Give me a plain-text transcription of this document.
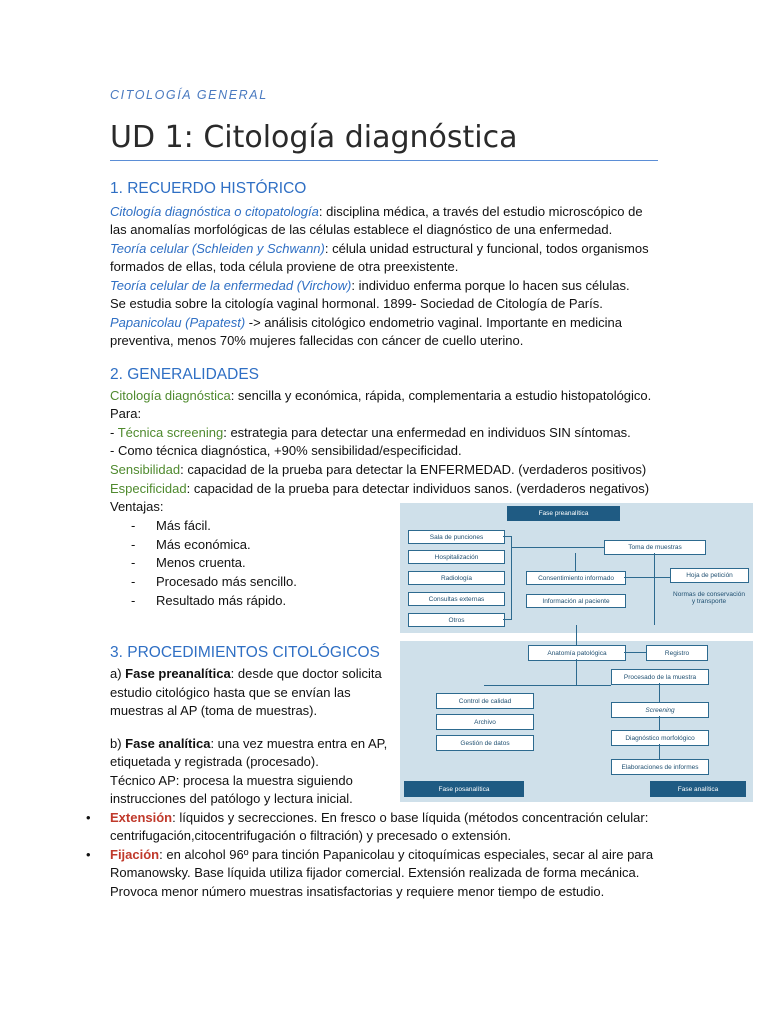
CITOLOGÍA GENERAL
UD 1: Citología diagnóstica
1. RECUERDO HISTÓRICO
Citología diagnóstica o citopatología: disciplina médica, a través del estudio microscópico de
las anomalías morfológicas de las células establece el diagnóstico de una enfermedad.
Teoría celular (Schleiden y Schwann): célula unidad estructural y funcional, todos organismos
formados de ellas, toda célula proviene de otra preexistente.
Teoría celular de la enfermedad (Virchow): individuo enferma porque lo hacen sus células.
Se estudia sobre la citología vaginal hormonal. 1899- Sociedad de Citología de París.
Papanicolau (Papatest) -> análisis citológico endometrio vaginal. Importante en medicina
preventiva, menos 70% mujeres fallecidas con cáncer de cuello uterino.
2. GENERALIDADES
Citología diagnóstica: sencilla y económica, rápida, complementaria a estudio histopatológico.
Para:
- Técnica screening: estrategia para detectar una enfermedad en individuos SIN síntomas.
- Como técnica diagnóstica, +90% sensibilidad/especificidad.
Sensibilidad: capacidad de la prueba para detectar la ENFERMEDAD. (verdaderos positivos)
Especificidad: capacidad de la prueba para detectar individuos sanos. (verdaderos negativos)
Ventajas:
- Más fácil.
- Más económica.
- Menos cruenta.
- Procesado más sencillo.
- Resultado más rápido.
3. PROCEDIMIENTOS CITOLÓGICOS
a) Fase preanalítica: desde que doctor solicita
estudio citológico hasta que se envían las
muestras al AP (toma de muestras).
b) Fase analítica: una vez muestra entra en AP,
etiquetada y registrada (procesado).
Técnico AP: procesa la muestra siguiendo
instrucciones del patólogo y lectura inicial.
• Extensión: líquidos y secrecciones. En fresco o base líquida (métodos concentración celular:
centrifugación,citocentrifugación o filtración) y precesado o extensión.
• Fijación: en alcohol 96º para tinción Papanicolau y citoquímicas especiales, secar al aire para
Romanowsky. Base líquida utiliza fijador comercial. Extensión realizada de forma mecánica.
Provoca menor número muestras insatisfactorias y requiere menor tiempo de estudio.
Fase preanalítica
Sala de punciones
Hospitalización
Radiología
Consultas externas
Otros
Toma de muestras
Consentimiento informado
Información al paciente
Hoja de petición
Normas de conservación y transporte
Anatomía patológica	Registro
Control de calidad
Archivo
Gestión de datos
Procesado de la muestra
Screening
Diagnóstico morfológico
Elaboraciones de informes
Fase posanalítica	Fase analítica
